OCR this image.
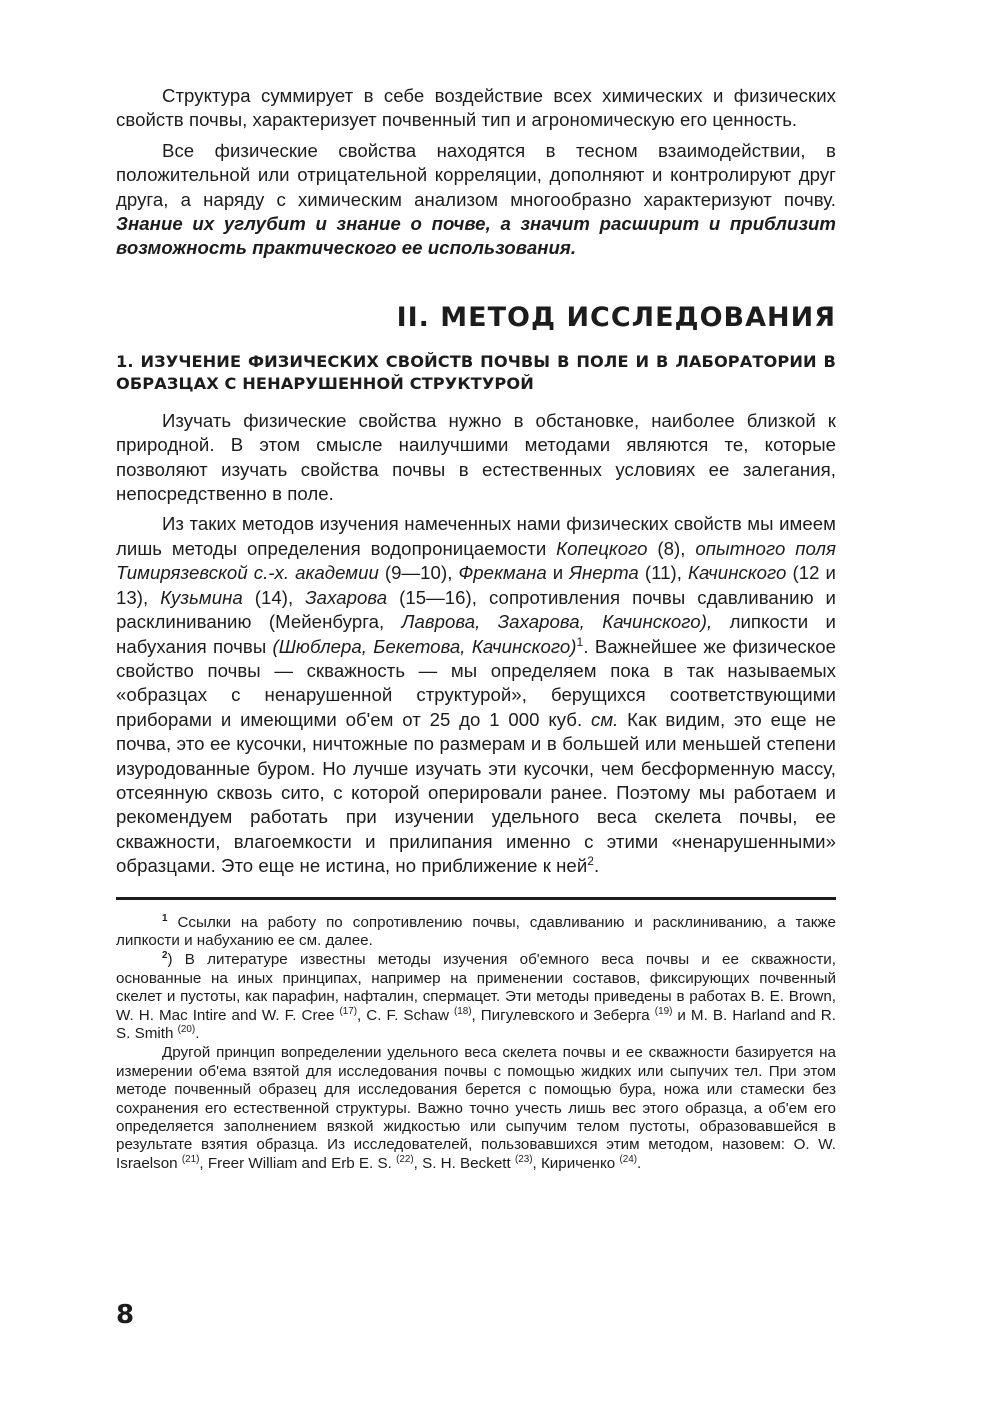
Структура суммирует в себе воздействие всех химических и физических свойств почвы, характеризует почвенный тип и агрономическую его ценность.

Все физические свойства находятся в тесном взаимодействии, в положительной или отрицательной корреляции, дополняют и контролируют друг друга, а наряду с химическим анализом многообразно характеризуют почву. Знание их углубит и знание о почве, а значит расширит и приблизит возможность практического ее использования.

II. МЕТОД ИССЛЕДОВАНИЯ
1. ИЗУЧЕНИЕ ФИЗИЧЕСКИХ СВОЙСТВ ПОЧВЫ В ПОЛЕ И В ЛАБОРАТОРИИ В ОБРАЗЦАХ С НЕНАРУШЕННОЙ СТРУКТУРОЙ

Изучать физические свойства нужно в обстановке, наиболее близкой к природной. В этом смысле наилучшими методами являются те, которые позволяют изучать свойства почвы в естественных условиях ее залегания, непосредственно в поле.

Из таких методов изучения намеченных нами физических свойств мы имеем лишь методы определения водопроницаемости Копецкого (8), опытного поля Тимирязевской с.-х. академии (9—10), Фрекмана и Янерта (11), Качинского (12 и 13), Кузьмина (14), Захарова (15—16), сопротивления почвы сдавливанию и расклиниванию (Мейенбурга, Лаврова, Захарова, Качинского), липкости и набухания почвы (Шюблера, Бекетова, Качинского)$^1$. Важнейшее же физическое свойство почвы — скважность — мы определяем пока в так называемых «образцах с ненарушенной структурой», берущихся соответствующими приборами и имеющими об'ем от 25 до 1 000 куб. см. Как видим, это еще не почва, это ее кусочки, ничтожные по размерам и в большей или меньшей степени изуродованные буром. Но лучше изучать эти кусочки, чем бесформенную массу, отсеянную сквозь сито, с которой оперировали ранее. Поэтому мы работаем и рекомендуем работать при изучении удельного веса скелета почвы, ее скважности, влагоемкости и прилипания именно с этими «ненарушенными» образцами. Это еще не истина, но приближение к ней$^2$.

$^1$ Ссылки на работу по сопротивлению почвы, сдавливанию и расклиниванию, а также липкости и набуханию ее см. далее.

$^2$) В литературе известны методы изучения об'емного веса почвы и ее скважности, основанные на иных принципах, например на применении составов, фиксирующих почвенный скелет и пустоты, как парафин, нафталин, спермацет. Эти методы приведены в работах B. E. Brown, W. H. Mac Intire and W. F. Cree $^{(17)}$, C. F. Schaw $^{(18)}$, Пигулевского и Зеберга $^{(19)}$ и M. B. Harland and R. S. Smith $^{(20)}$.

Другой принцип вопределении удельного веса скелета почвы и ее скважности базируется на измерении об'ема взятой для исследования почвы с помощью жидких или сыпучих тел. При этом методе почвенный образец для исследования берется с помощью бура, ножа или стамески без сохранения его естественной структуры. Важно точно учесть лишь вес этого образца, а об'ем его определяется заполнением вязкой жидкостью или сыпучим телом пустоты, образовавшейся в результате взятия образца. Из исследователей, пользовавшихся этим методом, назовем: O. W. Israelson $^{(21)}$, Freer William and Erb E. S. $^{(22)}$, S. H. Beckett $^{(23)}$, Кириченко $^{(24)}$.

8
